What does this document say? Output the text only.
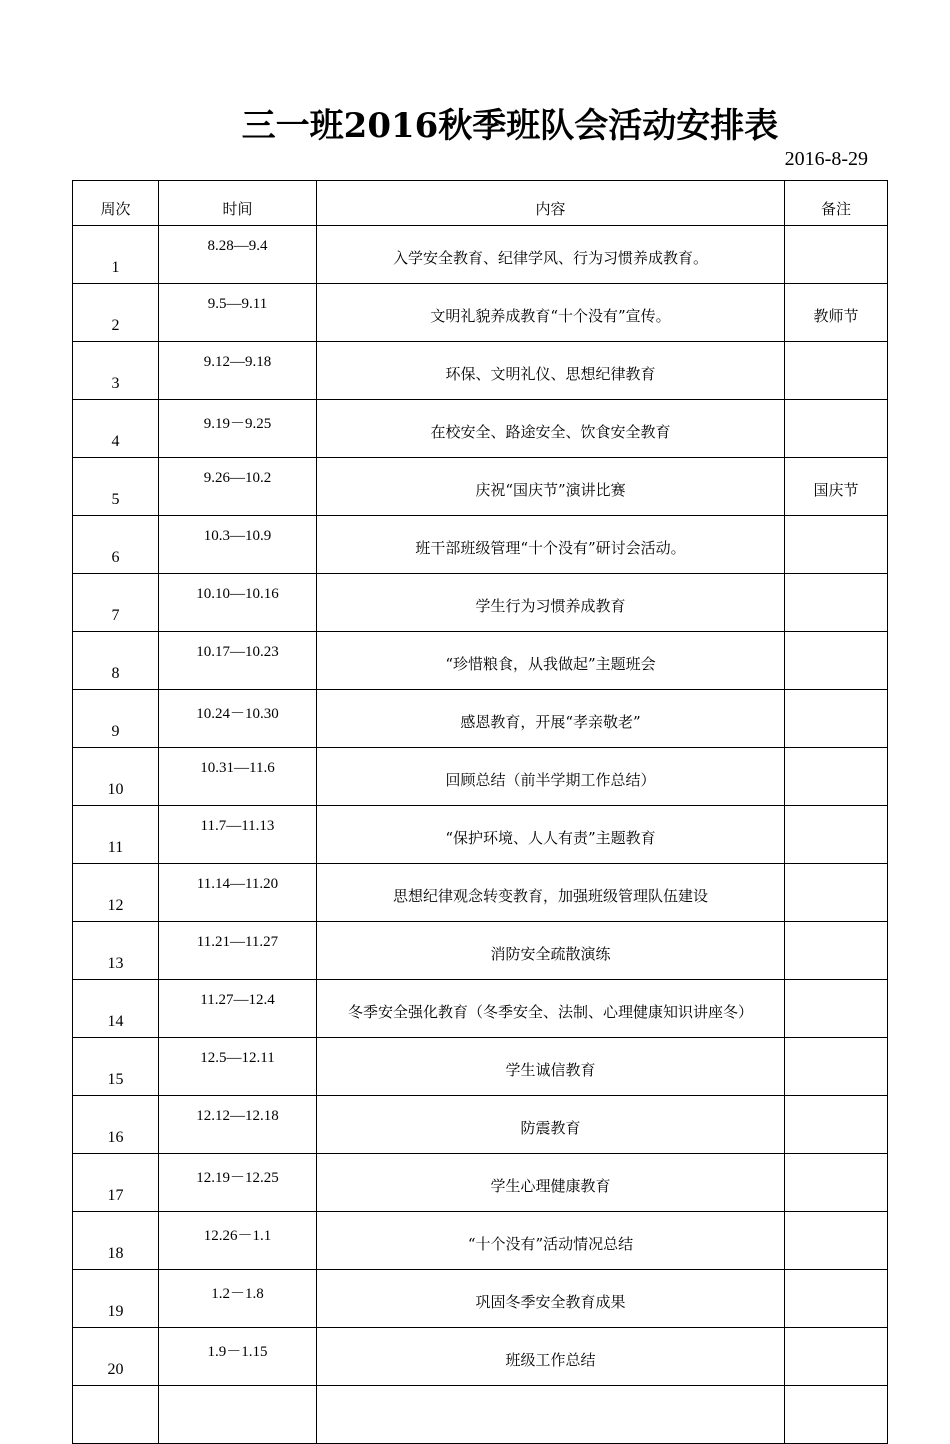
三一班2016秋季班队会活动安排表
2016-8-29
周次	时间	内容	备注
1	8.28—9.4	入学安全教育、纪律学风、行为习惯养成教育。	
2	9.5—9.11	文明礼貌养成教育“十个没有”宣传。	教师节
3	9.12—9.18	环保、文明礼仪、思想纪律教育	
4	9.19－9.25	在校安全、路途安全、饮食安全教育	
5	9.26—10.2	庆祝“国庆节”演讲比赛	国庆节
6	10.3—10.9	班干部班级管理“十个没有”研讨会活动。	
7	10.10—10.16	学生行为习惯养成教育	
8	10.17—10.23	“珍惜粮食，从我做起”主题班会	
9	10.24－10.30	感恩教育，开展“孝亲敬老”	
10	10.31—11.6	回顾总结（前半学期工作总结）	
11	11.7—11.13	“保护环境、人人有责”主题教育	
12	11.14—11.20	思想纪律观念转变教育，加强班级管理队伍建设	
13	11.21—11.27	消防安全疏散演练	
14	11.27—12.4	冬季安全强化教育（冬季安全、法制、心理健康知识讲座冬）	
15	12.5—12.11	学生诚信教育	
16	12.12—12.18	防震教育	
17	12.19－12.25	学生心理健康教育	
18	12.26－1.1	“十个没有”活动情况总结	
19	1.2－1.8	巩固冬季安全教育成果	
20	1.9－1.15	班级工作总结	
